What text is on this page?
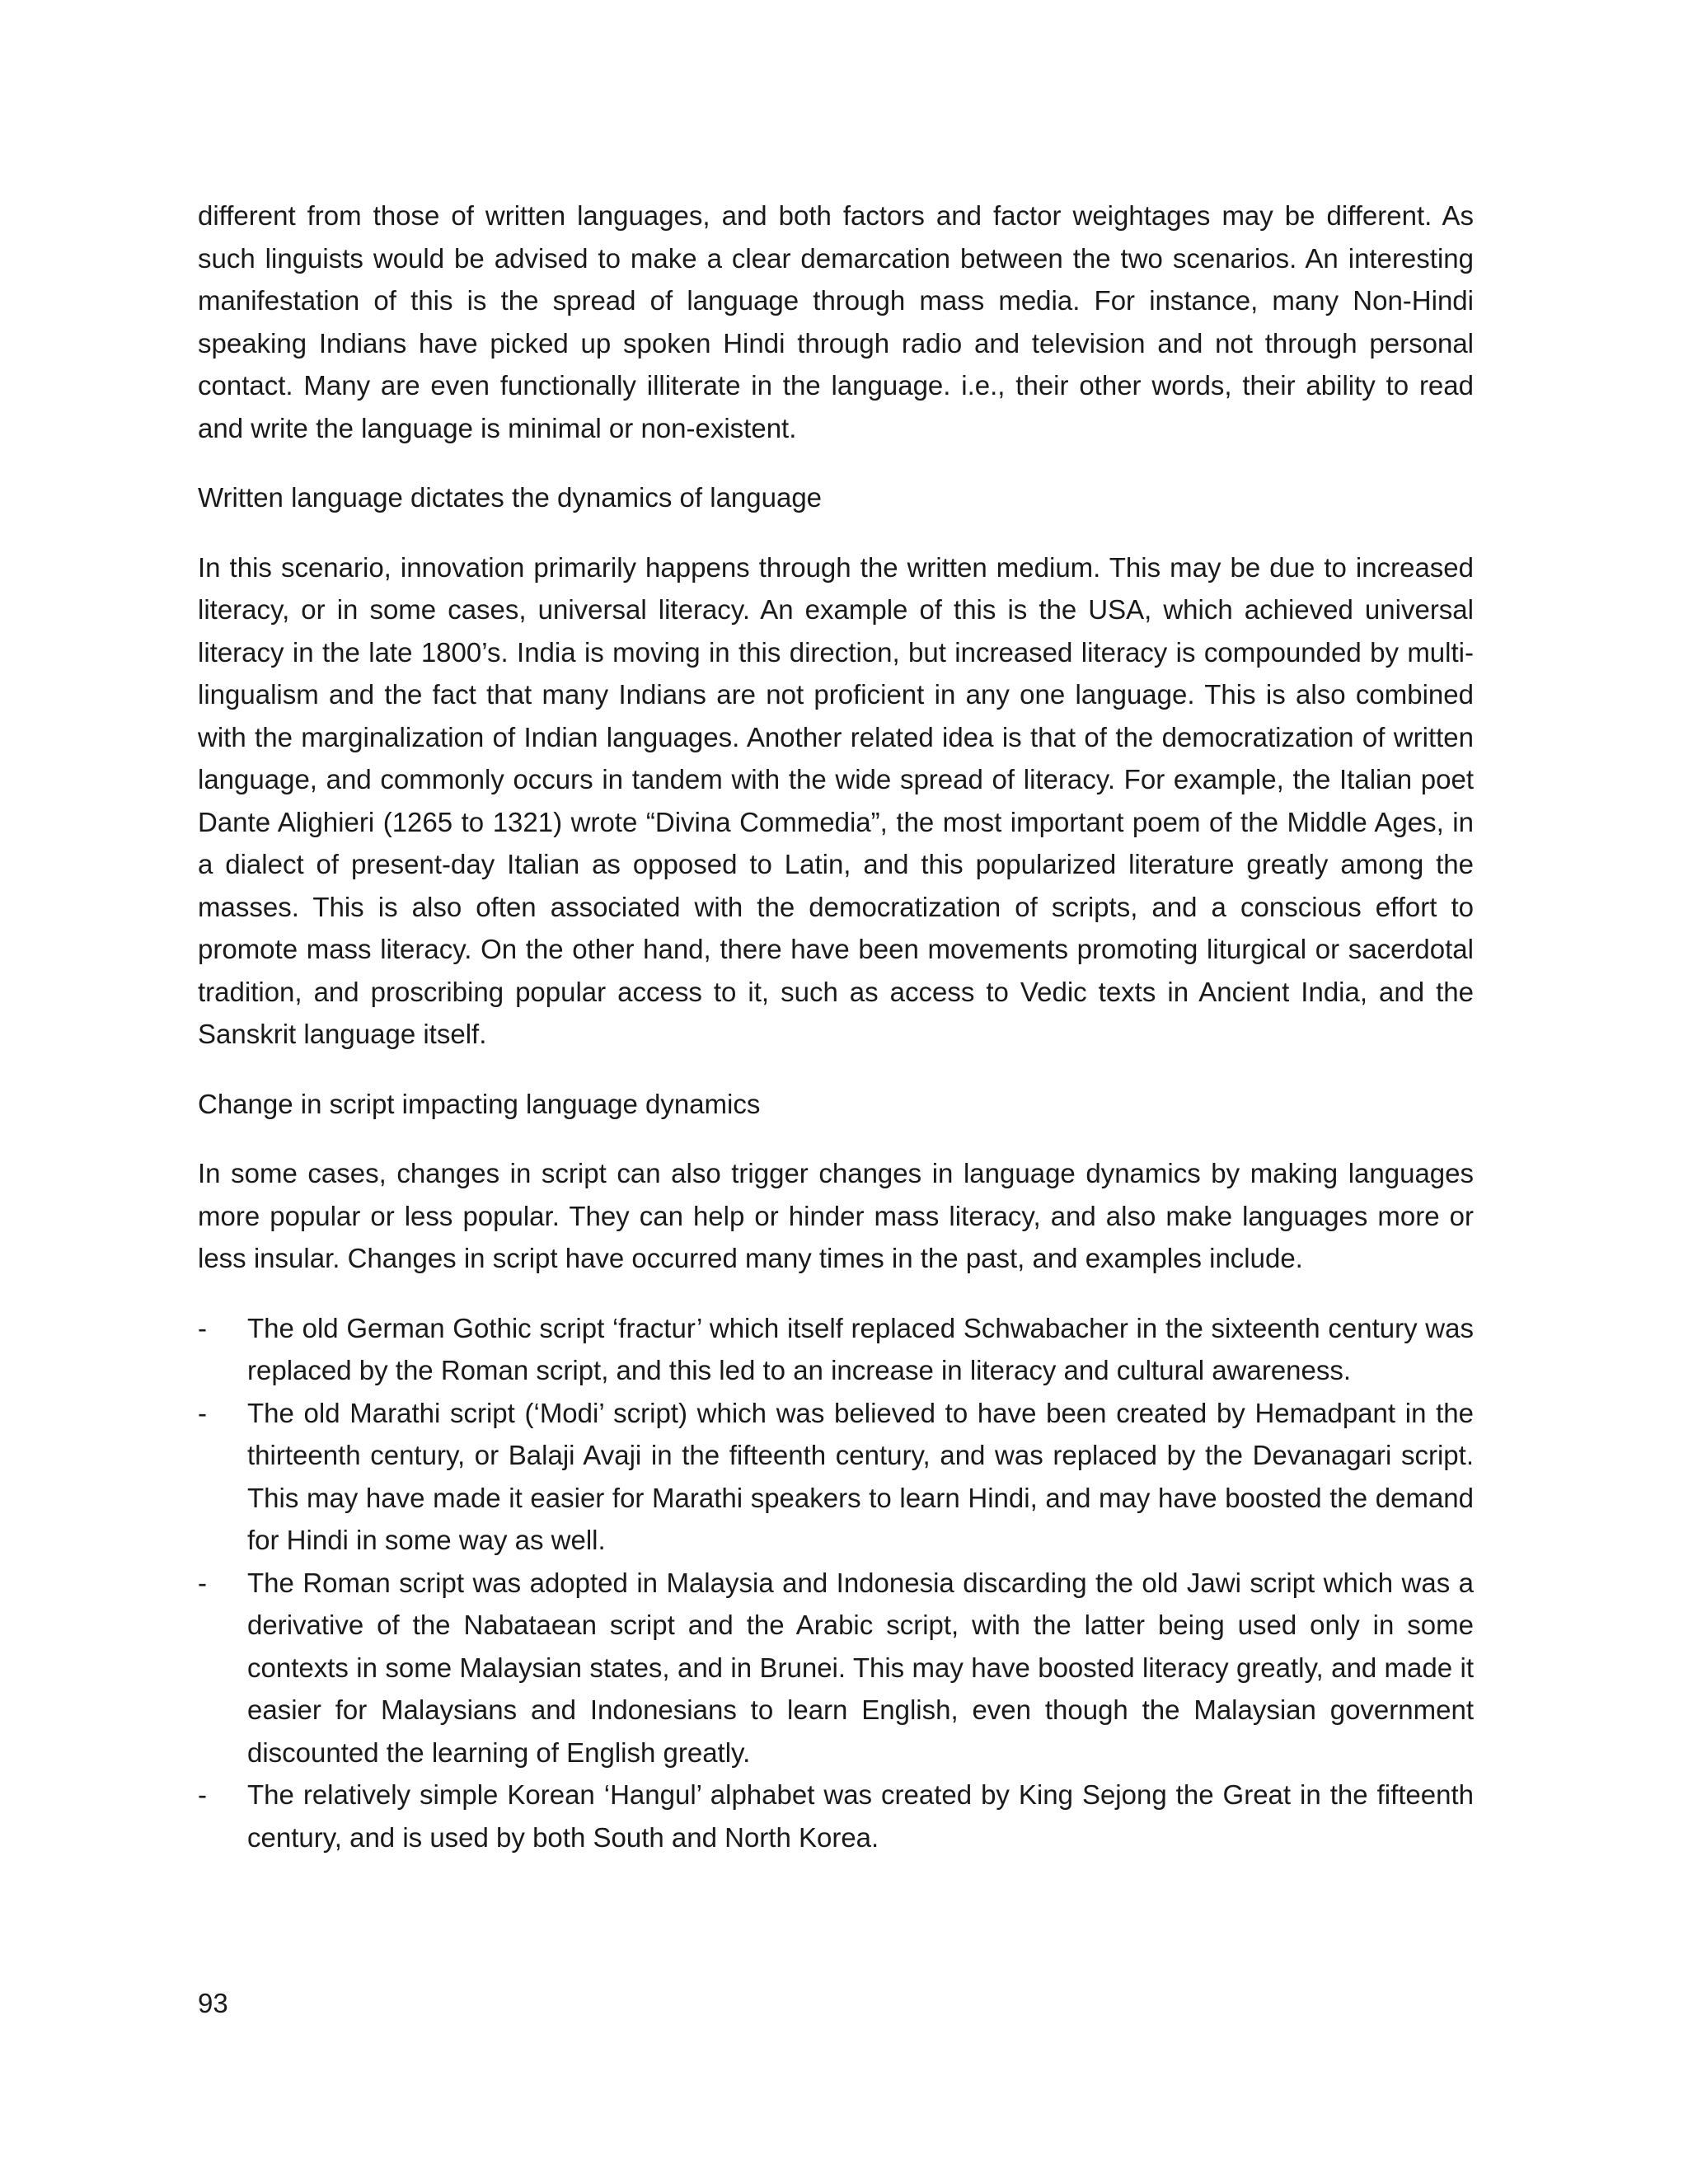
different from those of written languages, and both factors and factor weightages may be different. As such linguists would be advised to make a clear demarcation between the two scenarios. An interesting manifestation of this is the spread of language through mass media. For instance, many Non-Hindi speaking Indians have picked up spoken Hindi through radio and television and not through personal contact. Many are even functionally illiterate in the language. i.e., their other words, their ability to read and write the language is minimal or non-existent.

Written language dictates the dynamics of language

In this scenario, innovation primarily happens through the written medium. This may be due to increased literacy, or in some cases, universal literacy. An example of this is the USA, which achieved universal literacy in the late 1800’s. India is moving in this direction, but increased literacy is compounded by multi-lingualism and the fact that many Indians are not proficient in any one language. This is also combined with the marginalization of Indian languages. Another related idea is that of the democratization of written language, and commonly occurs in tandem with the wide spread of literacy. For example, the Italian poet Dante Alighieri (1265 to 1321) wrote “Divina Commedia”, the most important poem of the Middle Ages, in a dialect of present-day Italian as opposed to Latin, and this popularized literature greatly among the masses. This is also often associated with the democratization of scripts, and a conscious effort to promote mass literacy. On the other hand, there have been movements promoting liturgical or sacerdotal tradition, and proscribing popular access to it, such as access to Vedic texts in Ancient India, and the Sanskrit language itself.

Change in script impacting language dynamics

In some cases, changes in script can also trigger changes in language dynamics by making languages more popular or less popular. They can help or hinder mass literacy, and also make languages more or less insular. Changes in script have occurred many times in the past, and examples include.

- The old German Gothic script ‘fractur’ which itself replaced Schwabacher in the sixteenth century was replaced by the Roman script, and this led to an increase in literacy and cultural awareness.
- The old Marathi script (‘Modi’ script) which was believed to have been created by Hemadpant in the thirteenth century, or Balaji Avaji in the fifteenth century, and was replaced by the Devanagari script. This may have made it easier for Marathi speakers to learn Hindi, and may have boosted the demand for Hindi in some way as well.
- The Roman script was adopted in Malaysia and Indonesia discarding the old Jawi script which was a derivative of the Nabataean script and the Arabic script, with the latter being used only in some contexts in some Malaysian states, and in Brunei. This may have boosted literacy greatly, and made it easier for Malaysians and Indonesians to learn English, even though the Malaysian government discounted the learning of English greatly.
- The relatively simple Korean ‘Hangul’ alphabet was created by King Sejong the Great in the fifteenth century, and is used by both South and North Korea.
93
